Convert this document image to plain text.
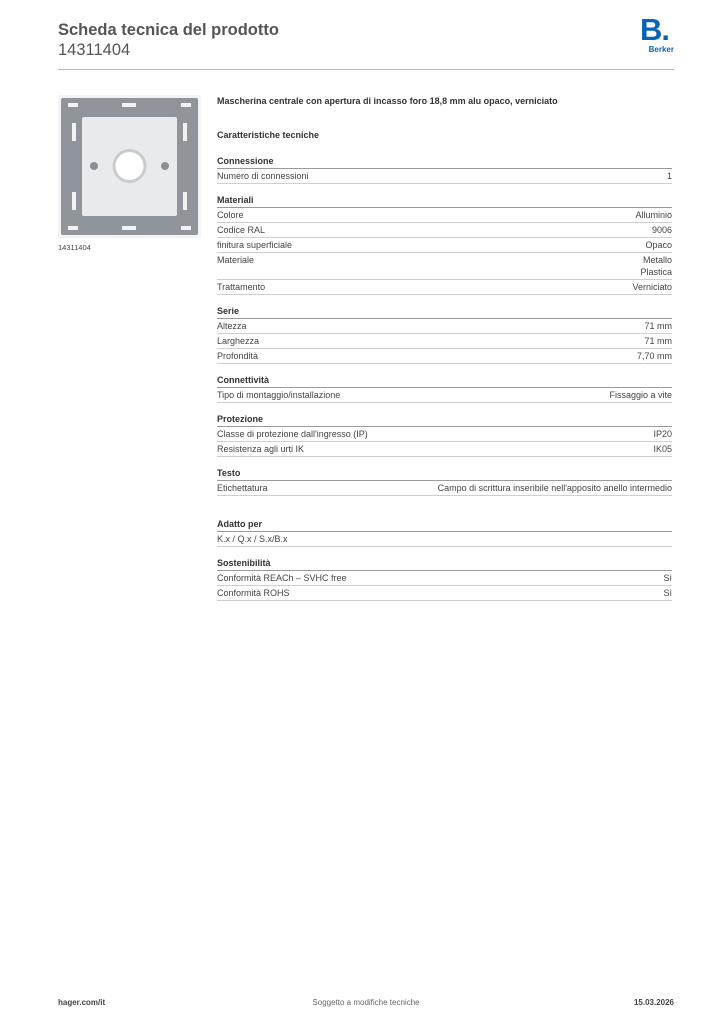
Scheda tecnica del prodotto
14311404
B.
Berker
14311404
Mascherina centrale con apertura di incasso foro 18,8 mm alu opaco, verniciato
Caratteristiche tecniche
Connessione
Numero di connessioni	1
Materiali
Colore	Alluminio
Codice RAL	9006
finitura superficiale	Opaco
Materiale	Metallo
Plastica
Trattamento	Verniciato
Serie
Altezza	71 mm
Larghezza	71 mm
Profondità	7,70 mm
Connettività
Tipo di montaggio/installazione	Fissaggio a vite
Protezione
Classe di protezione dall'ingresso (IP)	IP20
Resistenza agli urti IK	IK05
Testo
Etichettatura	Campo di scrittura inseribile nell'apposito anello intermedio
Adatto per
K.x / Q.x / S.x/B.x
Sostenibilità
Conformità REACh – SVHC free	Sì
Conformità ROHS	Sì
Soggetto a modifiche tecniche
hager.com/it	15.03.2026
